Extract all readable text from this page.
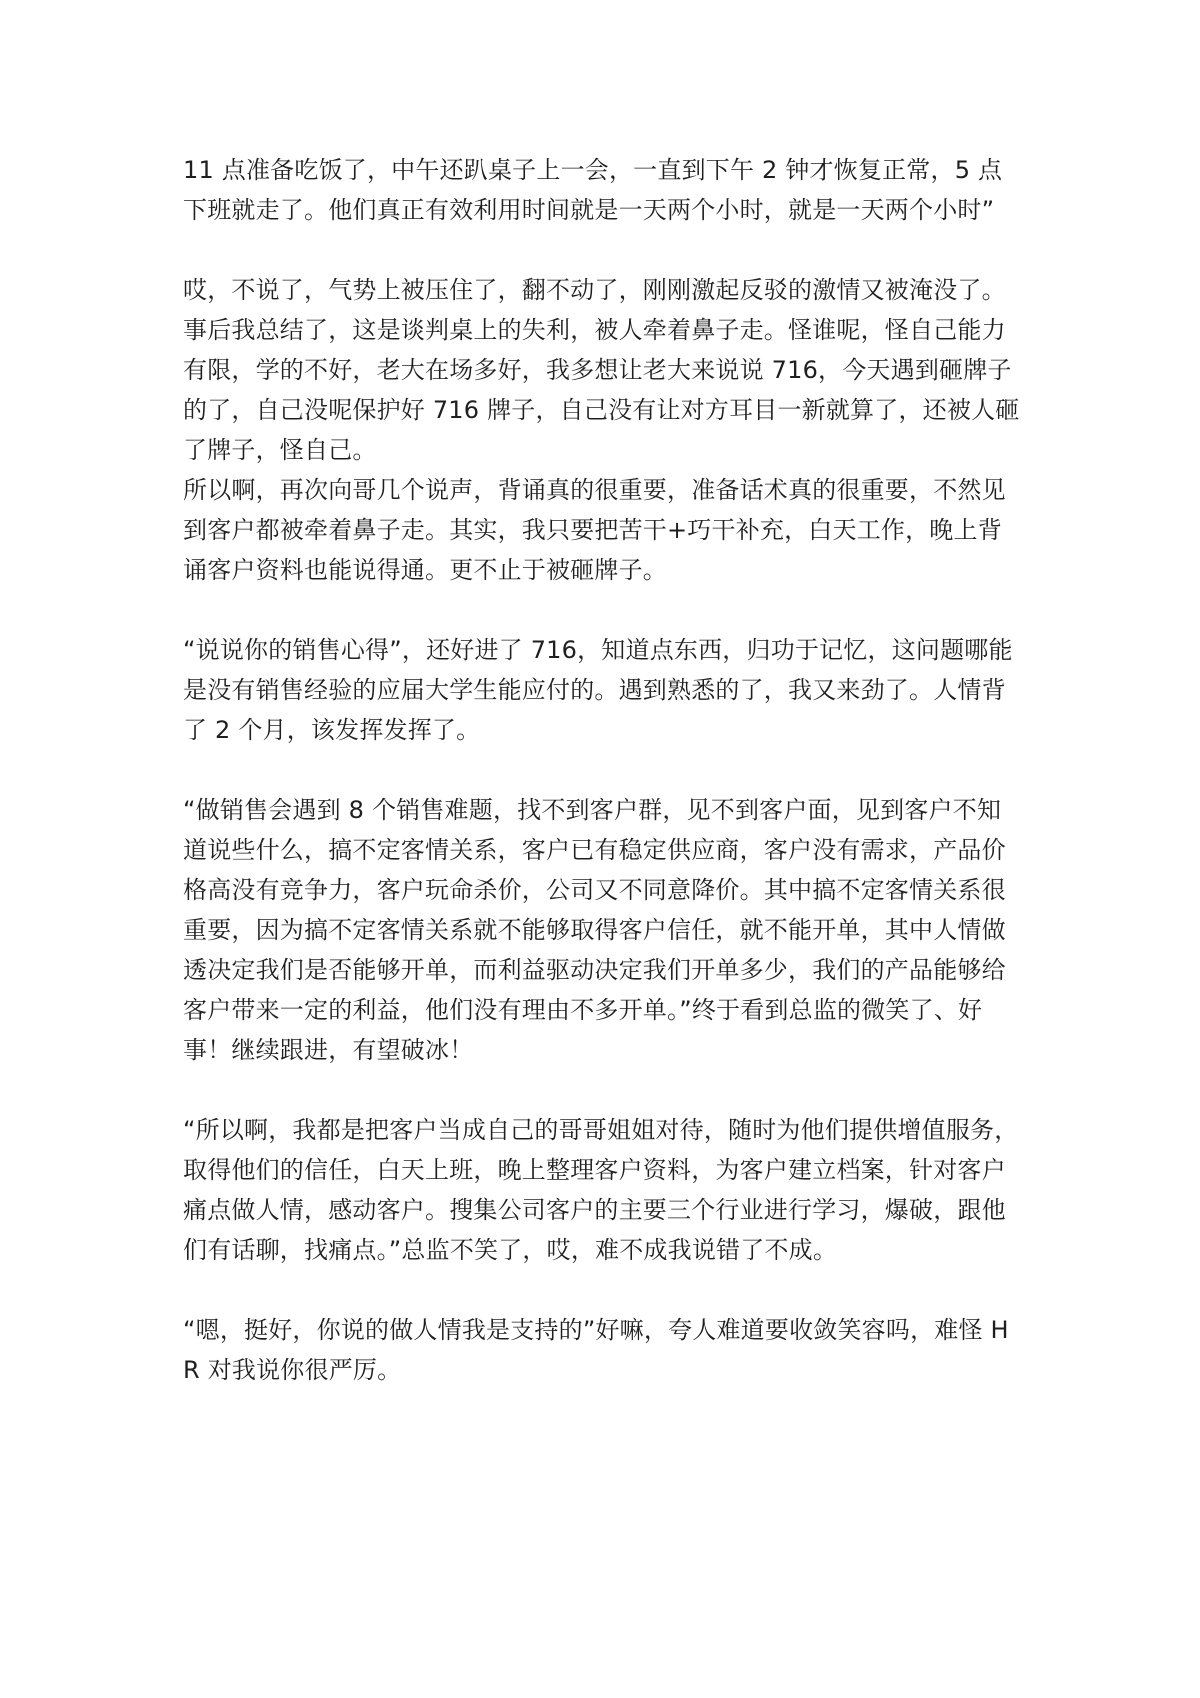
11 点准备吃饭了，中午还趴桌子上一会，一直到下午 2 钟才恢复正常，5 点下班就走了。他们真正有效利用时间就是一天两个小时，就是一天两个小时”

哎，不说了，气势上被压住了，翻不动了，刚刚激起反驳的激情又被淹没了。事后我总结了，这是谈判桌上的失利，被人牵着鼻子走。怪谁呢，怪自己能力有限，学的不好，老大在场多好，我多想让老大来说说 716，今天遇到砸牌子的了，自己没呢保护好 716 牌子，自己没有让对方耳目一新就算了，还被人砸了牌子，怪自己。

所以啊，再次向哥几个说声，背诵真的很重要，准备话术真的很重要，不然见到客户都被牵着鼻子走。其实，我只要把苦干+巧干补充，白天工作，晚上背诵客户资料也能说得通。更不止于被砸牌子。

“说说你的销售心得”，还好进了 716，知道点东西，归功于记忆，这问题哪能是没有销售经验的应届大学生能应付的。遇到熟悉的了，我又来劲了。人情背了 2 个月，该发挥发挥了。

“做销售会遇到 8 个销售难题，找不到客户群，见不到客户面，见到客户不知道说些什么，搞不定客情关系，客户已有稳定供应商，客户没有需求，产品价格高没有竞争力，客户玩命杀价，公司又不同意降价。其中搞不定客情关系很重要，因为搞不定客情关系就不能够取得客户信任，就不能开单，其中人情做透决定我们是否能够开单，而利益驱动决定我们开单多少，我们的产品能够给客户带来一定的利益，他们没有理由不多开单。”终于看到总监的微笑了、好事！继续跟进，有望破冰！

“所以啊，我都是把客户当成自己的哥哥姐姐对待，随时为他们提供增值服务，取得他们的信任，白天上班，晚上整理客户资料，为客户建立档案，针对客户痛点做人情，感动客户。搜集公司客户的主要三个行业进行学习，爆破，跟他们有话聊，找痛点。”总监不笑了，哎，难不成我说错了不成。

“嗯，挺好，你说的做人情我是支持的”好嘛，夸人难道要收敛笑容吗，难怪 HR 对我说你很严厉。
